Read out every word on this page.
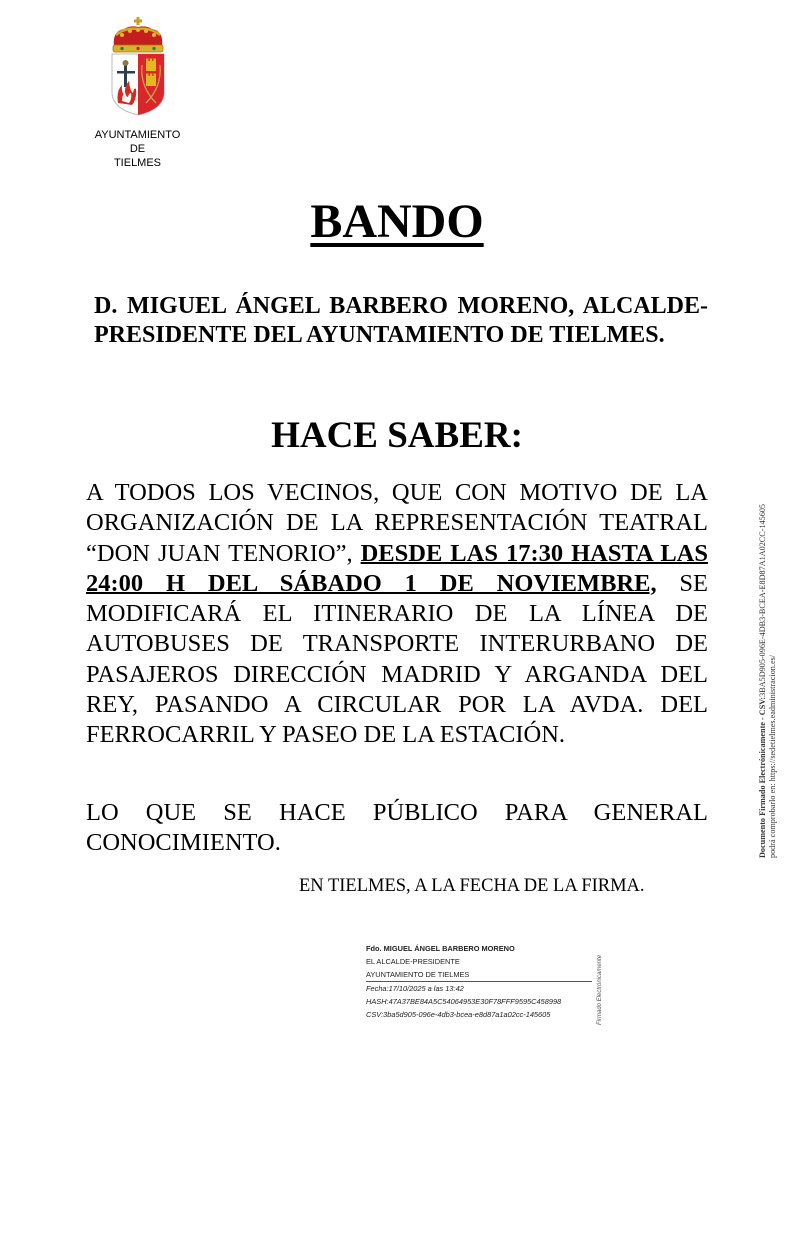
AYUNTAMIENTO
DE
TIELMES
BANDO
D. MIGUEL ÁNGEL BARBERO MORENO, ALCALDE-PRESIDENTE DEL AYUNTAMIENTO DE TIELMES.
HACE SABER:
A TODOS LOS VECINOS, QUE CON MOTIVO DE LA ORGANIZACIÓN DE LA REPRESENTACIÓN TEATRAL “DON JUAN TENORIO”, DESDE LAS 17:30 HASTA LAS 24:00 H DEL SÁBADO 1 DE NOVIEMBRE, SE MODIFICARÁ EL ITINERARIO DE LA LÍNEA DE AUTOBUSES DE TRANSPORTE INTERURBANO DE PASAJEROS DIRECCIÓN MADRID Y ARGANDA DEL REY, PASANDO A CIRCULAR POR LA AVDA. DEL FERROCARRIL Y PASEO DE LA ESTACIÓN.
LO QUE SE HACE PÚBLICO PARA GENERAL CONOCIMIENTO.
EN TIELMES, A LA FECHA DE LA FIRMA.
Fdo. MIGUEL ÁNGEL BARBERO MORENO
EL ALCALDE-PRESIDENTE
AYUNTAMIENTO DE TIELMES
Fecha:17/10/2025 a las 13:42
HASH:47A37BE84A5C54064953E30F78FFF9595C458998
CSV:3ba5d905-096e-4db3-bcea-e8d87a1a02cc-145605	Firmado Electrónicamente
Documento Firmado Electrónicamente - CSV:3BA5D905-096E-4DB3-BCEA-E8D87A1A02CC-145605
podrá comprobarlo en: https://sedetielmes.eadministracion.es/
